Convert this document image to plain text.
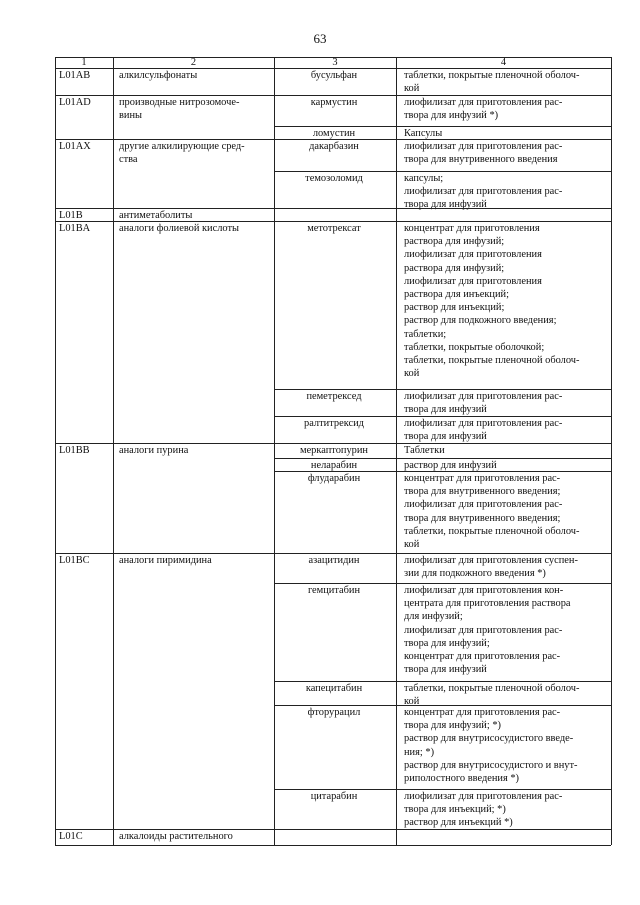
63
1	2	3	4
L01AB	алкилсульфонаты	бусульфан	таблетки, покрытые пленочной оболоч-
кой
L01AD	производные нитрозомоче-
вины
кармустин	лиофилизат для приготовления рас-
твора для инфузий *)
ломустин	Капсулы
L01AX	другие алкилирующие сред-
ства
дакарбазин	лиофилизат для приготовления рас-
твора для внутривенного введения
темозоломид	капсулы;
лиофилизат для приготовления рас-
твора для инфузий
L01B	антиметаболиты
L01BA	аналоги фолиевой кислоты	метотрексат	концентрат для приготовления
раствора для инфузий;
лиофилизат для приготовления
раствора для инфузий;
лиофилизат для приготовления
раствора для инъекций;
раствор для инъекций;
раствор для подкожного введения;
таблетки;
таблетки, покрытые оболочкой;
таблетки, покрытые пленочной оболоч-
кой
пеметрексед	лиофилизат для приготовления рас-
твора для инфузий
ралтитрексид	лиофилизат для приготовления рас-
твора для инфузий
L01BB	аналоги пурина	меркаптопурин	Таблетки
неларабин	раствор для инфузий
флударабин	концентрат для приготовления рас-
твора для внутривенного введения;
лиофилизат для приготовления рас-
твора для внутривенного введения;
таблетки, покрытые пленочной оболоч-
кой
L01BC	аналоги пиримидина	азацитидин	лиофилизат для приготовления суспен-
зии для подкожного введения *)
гемцитабин	лиофилизат для приготовления кон-
центрата для приготовления раствора
для инфузий;
лиофилизат для приготовления рас-
твора для инфузий;
концентрат для приготовления рас-
твора для инфузий
капецитабин	таблетки, покрытые пленочной оболоч-
кой
фторурацил	концентрат для приготовления рас-
твора для инфузий; *)
раствор для внутрисосудистого введе-
ния; *)
раствор для внутрисосудистого и внут-
риполостного введения *)
цитарабин	лиофилизат для приготовления рас-
твора для инъекций; *)
раствор для инъекций *)
L01C	алкалоиды растительного
